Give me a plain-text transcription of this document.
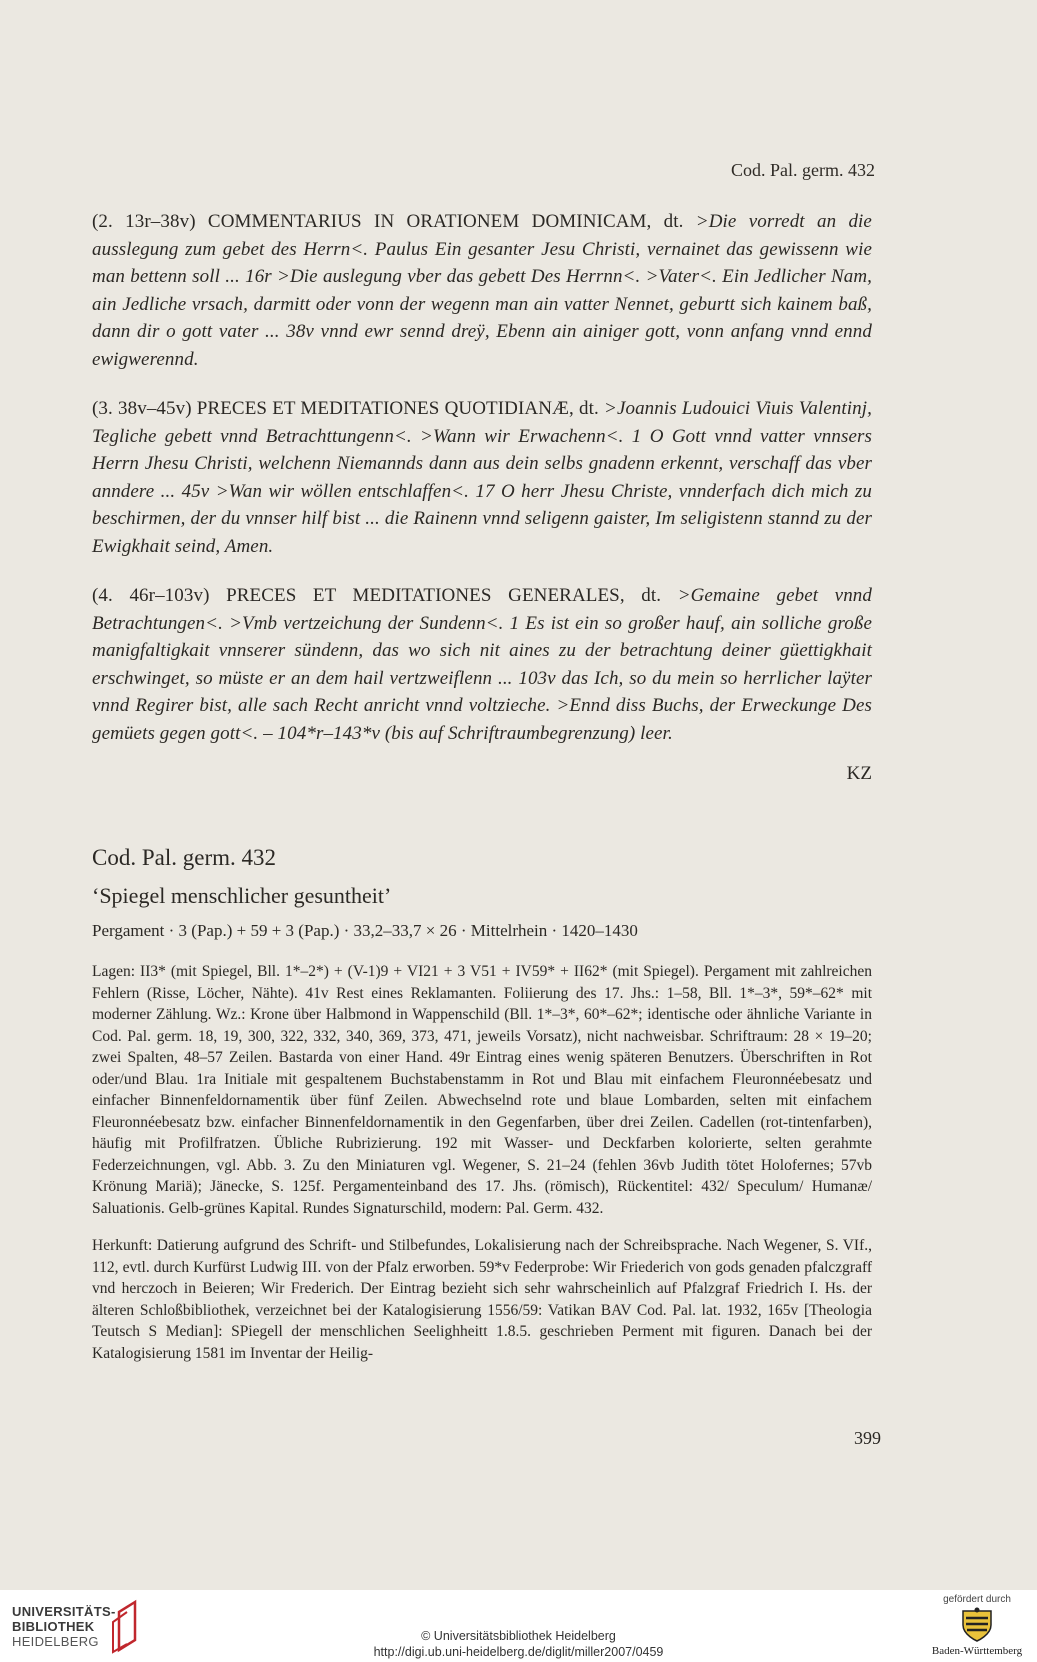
Cod. Pal. germ. 432

(2. 13r–38v) COMMENTARIUS IN ORATIONEM DOMINICAM, dt. >Die vorredt an die ausslegung zum gebet des Herrn<. Paulus Ein gesanter Jesu Christi, vernainet das gewissenn wie man bettenn soll ... 16r >Die auslegung vber das gebett Des Herrnn<. >Vater<. Ein Jedlicher Nam, ain Jedliche vrsach, darmitt oder vonn der wegenn man ain vatter Nennet, geburtt sich kainem baß, dann dir o gott vater ... 38v vnnd ewr sennd dreÿ, Ebenn ain ainiger gott, vonn anfang vnnd ennd ewigwerennd.

(3. 38v–45v) PRECES ET MEDITATIONES QUOTIDIANÆ, dt. >Joannis Ludouici Viuis Valentinj, Tegliche gebett vnnd Betrachttungenn<. >Wann wir Erwachenn<. 1 O Gott vnnd vatter vnnsers Herrn Jhesu Christi, welchenn Niemannds dann aus dein selbs gnadenn erkennt, verschaff das vber anndere ... 45v >Wan wir wöllen entschlaffen<. 17 O herr Jhesu Christe, vnnderfach dich mich zu beschirmen, der du vnnser hilf bist ... die Rainenn vnnd seligenn gaister, Im seligistenn stannd zu der Ewigkhait seind, Amen.

(4. 46r–103v) PRECES ET MEDITATIONES GENERALES, dt. >Gemaine gebet vnnd Betrachtungen<. >Vmb vertzeichung der Sundenn<. 1 Es ist ein so großer hauf, ain solliche große manigfaltigkait vnnserer sündenn, das wo sich nit aines zu der betrachtung deiner güettigkhait erschwinget, so müste er an dem hail vertzweiflenn ... 103v das Ich, so du mein so herrlicher laÿter vnnd Regirer bist, alle sach Recht anricht vnnd voltzieche. >Ennd diss Buchs, der Erweckunge Des gemüets gegen gott<. – 104*r–143*v (bis auf Schriftraumbegrenzung) leer.

KZ
Cod. Pal. germ. 432
‘Spiegel menschlicher gesuntheit’
Pergament · 3 (Pap.) + 59 + 3 (Pap.) · 33,2–33,7 × 26 · Mittelrhein · 1420–1430

Lagen: II3* (mit Spiegel, Bll. 1*–2*) + (V-1)9 + VI21 + 3 V51 + IV59* + II62* (mit Spiegel). Pergament mit zahlreichen Fehlern (Risse, Löcher, Nähte). 41v Rest eines Reklamanten. Foliierung des 17. Jhs.: 1–58, Bll. 1*–3*, 59*–62* mit moderner Zählung. Wz.: Krone über Halbmond in Wappenschild (Bll. 1*–3*, 60*–62*; identische oder ähnliche Variante in Cod. Pal. germ. 18, 19, 300, 322, 332, 340, 369, 373, 471, jeweils Vorsatz), nicht nachweisbar. Schriftraum: 28 × 19–20; zwei Spalten, 48–57 Zeilen. Bastarda von einer Hand. 49r Eintrag eines wenig späteren Benutzers. Überschriften in Rot oder/und Blau. 1ra Initiale mit gespaltenem Buchstabenstamm in Rot und Blau mit einfachem Fleuronnéebesatz und einfacher Binnenfeldornamentik über fünf Zeilen. Abwechselnd rote und blaue Lombarden, selten mit einfachem Fleuronnéebesatz bzw. einfacher Binnenfeldornamentik in den Gegenfarben, über drei Zeilen. Cadellen (rot-tintenfarben), häufig mit Profilfratzen. Übliche Rubrizierung. 192 mit Wasser- und Deckfarben kolorierte, selten gerahmte Federzeichnungen, vgl. Abb. 3. Zu den Miniaturen vgl. Wegener, S. 21–24 (fehlen 36vb Judith tötet Holofernes; 57vb Krönung Mariä); Jänecke, S. 125f. Pergamenteinband des 17. Jhs. (römisch), Rückentitel: 432/ Speculum/ Humanæ/ Saluationis. Gelb-grünes Kapital. Rundes Signaturschild, modern: Pal. Germ. 432.

Herkunft: Datierung aufgrund des Schrift- und Stilbefundes, Lokalisierung nach der Schreibsprache. Nach Wegener, S. VIf., 112, evtl. durch Kurfürst Ludwig III. von der Pfalz erworben. 59*v Federprobe: Wir Friederich von gods genaden pfalczgraff vnd herczoch in Beieren; Wir Frederich. Der Eintrag bezieht sich sehr wahrscheinlich auf Pfalzgraf Friedrich I. Hs. der älteren Schloßbibliothek, verzeichnet bei der Katalogisierung 1556/59: Vatikan BAV Cod. Pal. lat. 1932, 165v [Theologia Teutsch S Median]: SPiegell der menschlichen Seelighheitt 1.8.5. geschrieben Perment mit figuren. Danach bei der Katalogisierung 1581 im Inventar der Heilig-

399
UNIVERSITÄTS-
BIBLIOTHEK
HEIDELBERG	© Universitätsbibliothek Heidelberg
http://digi.ub.uni-heidelberg.de/diglit/miller2007/0459
gefördert durch
Baden-Württemberg
